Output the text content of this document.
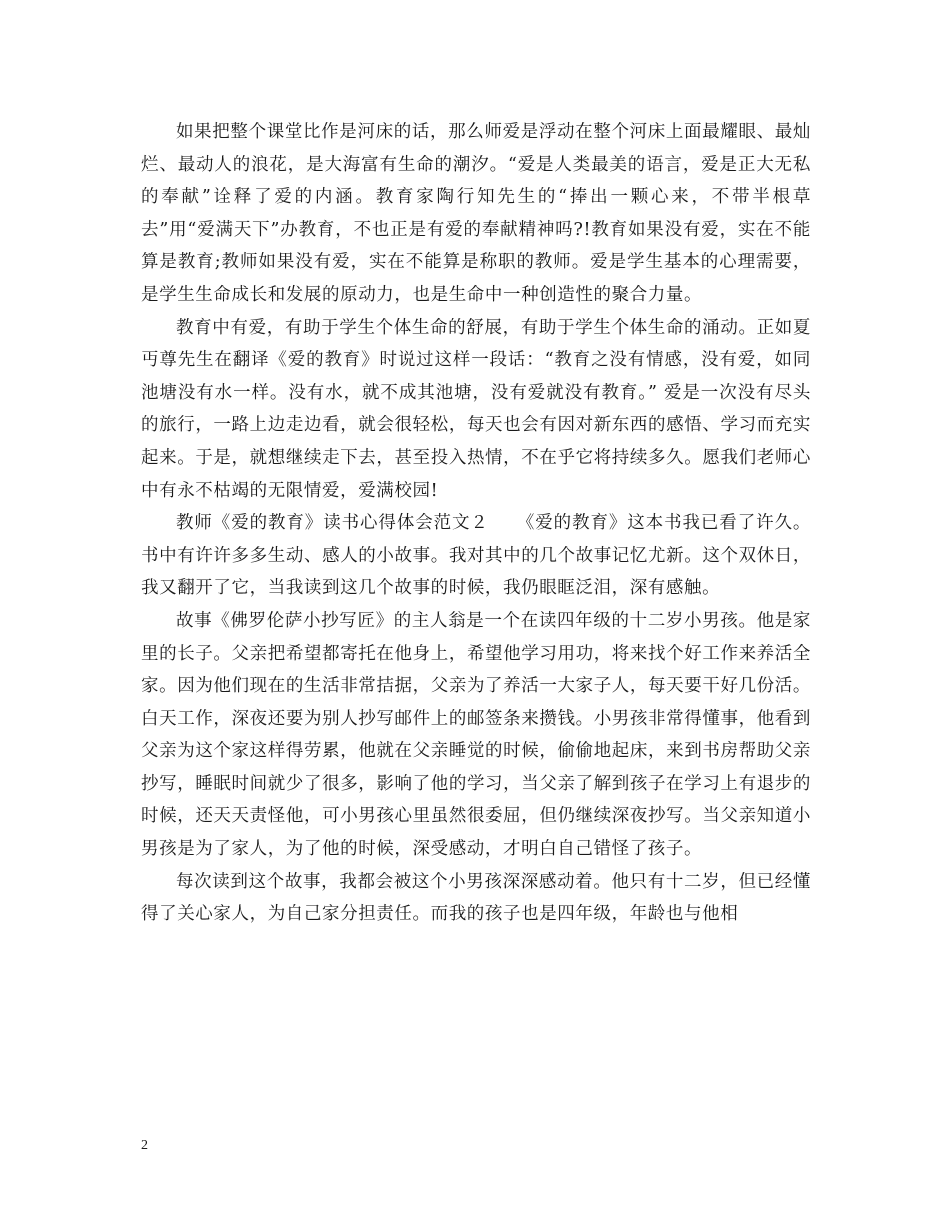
如果把整个课堂比作是河床的话，那么师爱是浮动在整个河床上面最耀眼、最灿烂、最动人的浪花，是大海富有生命的潮汐。“爱是人类最美的语言，爱是正大无私的奉献”诠释了爱的内涵。教育家陶行知先生的“捧出一颗心来，不带半根草去”用“爱满天下”办教育，不也正是有爱的奉献精神吗?!教育如果没有爱，实在不能算是教育;教师如果没有爱，实在不能算是称职的教师。爱是学生基本的心理需要，是学生生命成长和发展的原动力，也是生命中一种创造性的聚合力量。

教育中有爱，有助于学生个体生命的舒展，有助于学生个体生命的涌动。正如夏丏尊先生在翻译《爱的教育》时说过这样一段话：“教育之没有情感，没有爱，如同池塘没有水一样。没有水，就不成其池塘，没有爱就没有教育。” 爱是一次没有尽头的旅行，一路上边走边看，就会很轻松，每天也会有因对新东西的感悟、学习而充实起来。于是，就想继续走下去，甚至投入热情，不在乎它将持续多久。愿我们老师心中有永不枯竭的无限情爱，爱满校园!

教师《爱的教育》读书心得体会范文２　　《爱的教育》这本书我已看了许久。书中有许许多多生动、感人的小故事。我对其中的几个故事记忆尤新。这个双休日，我又翻开了它，当我读到这几个故事的时候，我仍眼眶泛泪，深有感触。

故事《佛罗伦萨小抄写匠》的主人翁是一个在读四年级的十二岁小男孩。他是家里的长子。父亲把希望都寄托在他身上，希望他学习用功，将来找个好工作来养活全家。因为他们现在的生活非常拮据，父亲为了养活一大家子人，每天要干好几份活。白天工作，深夜还要为别人抄写邮件上的邮签条来攒钱。小男孩非常得懂事，他看到父亲为这个家这样得劳累，他就在父亲睡觉的时候，偷偷地起床，来到书房帮助父亲抄写，睡眠时间就少了很多，影响了他的学习，当父亲了解到孩子在学习上有退步的时候，还天天责怪他，可小男孩心里虽然很委屈，但仍继续深夜抄写。当父亲知道小男孩是为了家人，为了他的时候，深受感动，才明白自己错怪了孩子。

每次读到这个故事，我都会被这个小男孩深深感动着。他只有十二岁，但已经懂得了关心家人，为自己家分担责任。而我的孩子也是四年级，年龄也与他相

2
